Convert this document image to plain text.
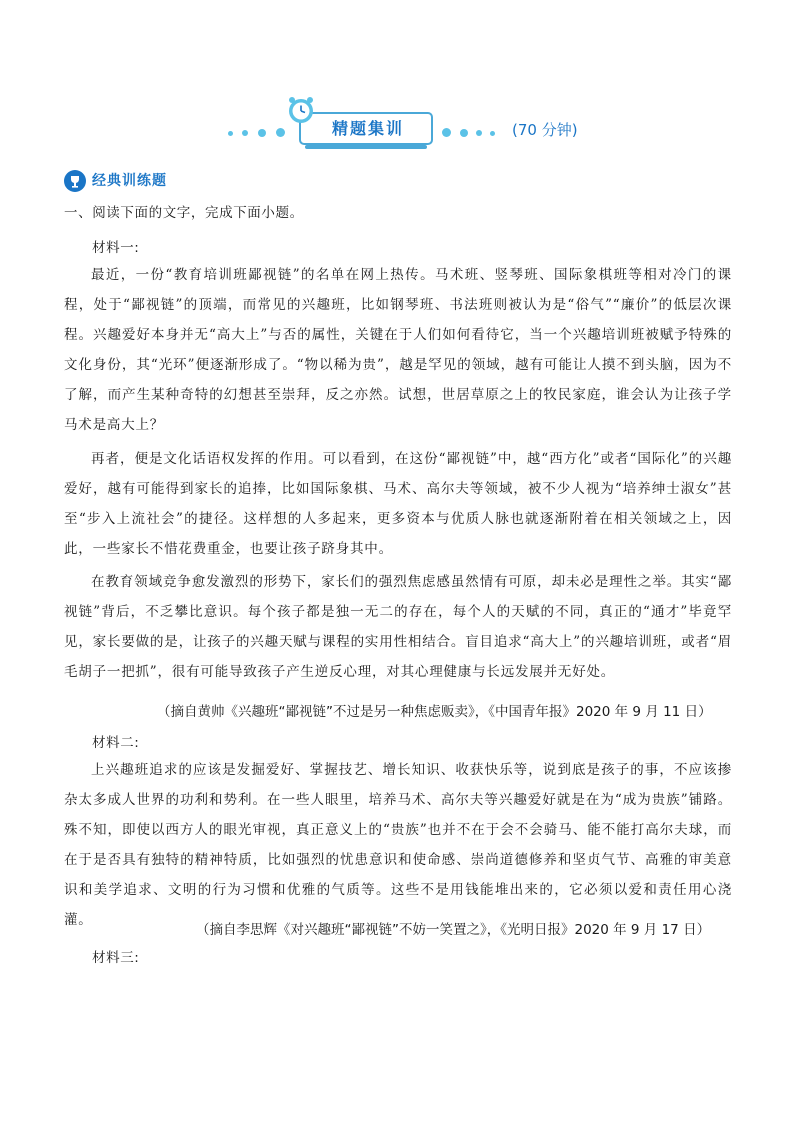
精题集训	(70 分钟)
经典训练题
一、阅读下面的文字，完成下面小题。
材料一:
最近，一份“教育培训班鄙视链”的名单在网上热传。马术班、竖琴班、国际象棋班等相对冷门的课程，处于“鄙视链”的顶端，而常见的兴趣班，比如钢琴班、书法班则被认为是“俗气”“廉价”的低层次课程。兴趣爱好本身并无“高大上”与否的属性，关键在于人们如何看待它，当一个兴趣培训班被赋予特殊的文化身份，其“光环”便逐渐形成了。“物以稀为贵”，越是罕见的领域，越有可能让人摸不到头脑，因为不了解，而产生某种奇特的幻想甚至崇拜，反之亦然。试想，世居草原之上的牧民家庭，谁会认为让孩子学马术是高大上？
再者，便是文化话语权发挥的作用。可以看到，在这份“鄙视链”中，越“西方化”或者“国际化”的兴趣爱好，越有可能得到家长的追捧，比如国际象棋、马术、高尔夫等领域，被不少人视为“培养绅士淑女”甚至“步入上流社会”的捷径。这样想的人多起来，更多资本与优质人脉也就逐渐附着在相关领域之上，因此，一些家长不惜花费重金，也要让孩子跻身其中。
在教育领域竞争愈发激烈的形势下，家长们的强烈焦虑感虽然情有可原，却未必是理性之举。其实“鄙视链”背后，不乏攀比意识。每个孩子都是独一无二的存在，每个人的天赋的不同，真正的“通才”毕竟罕见，家长要做的是，让孩子的兴趣天赋与课程的实用性相结合。盲目追求“高大上”的兴趣培训班，或者“眉毛胡子一把抓”，很有可能导致孩子产生逆反心理，对其心理健康与长远发展并无好处。
（摘自黄帅《兴趣班“鄙视链”不过是另一种焦虑贩卖》，《中国青年报》2020 年 9 月 11 日）
材料二:
上兴趣班追求的应该是发掘爱好、掌握技艺、增长知识、收获快乐等，说到底是孩子的事，不应该掺杂太多成人世界的功利和势利。在一些人眼里，培养马术、高尔夫等兴趣爱好就是在为“成为贵族”铺路。殊不知，即使以西方人的眼光审视，真正意义上的“贵族”也并不在于会不会骑马、能不能打高尔夫球，而在于是否具有独特的精神特质，比如强烈的忧患意识和使命感、崇尚道德修养和坚贞气节、高雅的审美意识和美学追求、文明的行为习惯和优雅的气质等。这些不是用钱能堆出来的，它必须以爱和责任用心浇灌。
（摘自李思辉《对兴趣班“鄙视链”不妨一笑置之》，《光明日报》2020 年 9 月 17 日）
材料三:
